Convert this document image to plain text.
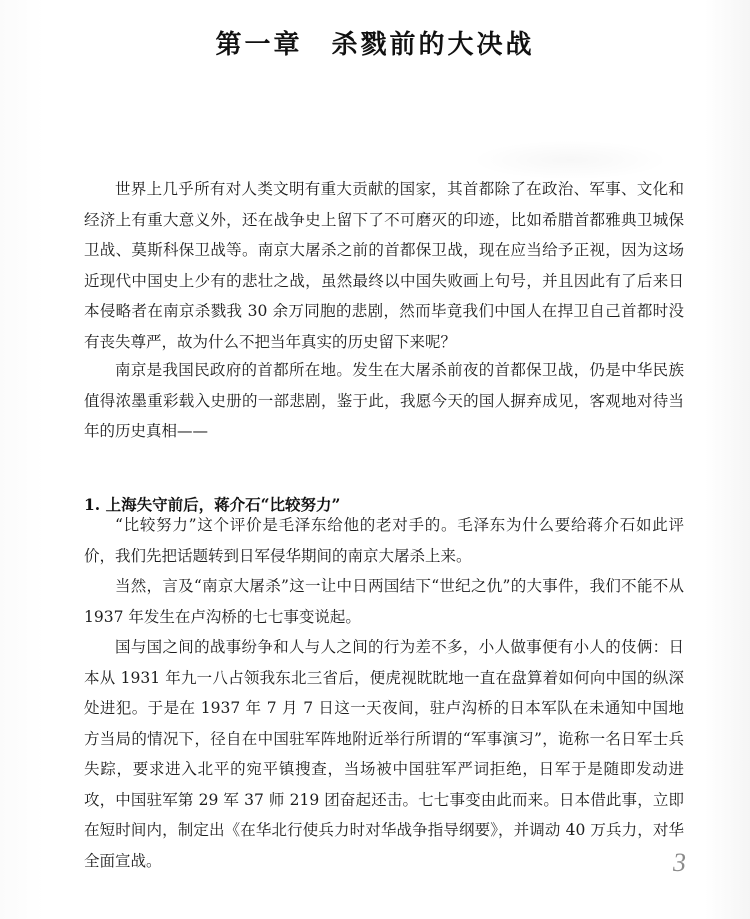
第一章　杀戮前的大决战

世界上几乎所有对人类文明有重大贡献的国家，其首都除了在政治、军事、文化和经济上有重大意义外，还在战争史上留下了不可磨灭的印迹，比如希腊首都雅典卫城保卫战、莫斯科保卫战等。南京大屠杀之前的首都保卫战，现在应当给予正视，因为这场近现代中国史上少有的悲壮之战，虽然最终以中国失败画上句号，并且因此有了后来日本侵略者在南京杀戮我 30 余万同胞的悲剧，然而毕竟我们中国人在捍卫自己首都时没有丧失尊严，故为什么不把当年真实的历史留下来呢？

南京是我国民政府的首都所在地。发生在大屠杀前夜的首都保卫战，仍是中华民族值得浓墨重彩载入史册的一部悲剧，鉴于此，我愿今天的国人摒弃成见，客观地对待当年的历史真相——

1. 上海失守前后，蒋介石“比较努力”

“比较努力”这个评价是毛泽东给他的老对手的。毛泽东为什么要给蒋介石如此评价，我们先把话题转到日军侵华期间的南京大屠杀上来。

当然，言及“南京大屠杀”这一让中日两国结下“世纪之仇”的大事件，我们不能不从 1937 年发生在卢沟桥的七七事变说起。

国与国之间的战事纷争和人与人之间的行为差不多，小人做事便有小人的伎俩：日本从 1931 年九一八占领我东北三省后，便虎视眈眈地一直在盘算着如何向中国的纵深处进犯。于是在 1937 年 7 月 7 日这一天夜间，驻卢沟桥的日本军队在未通知中国地方当局的情况下，径自在中国驻军阵地附近举行所谓的“军事演习”，诡称一名日军士兵失踪，要求进入北平的宛平镇搜查，当场被中国驻军严词拒绝，日军于是随即发动进攻，中国驻军第 29 军 37 师 219 团奋起还击。七七事变由此而来。日本借此事，立即在短时间内，制定出《在华北行使兵力时对华战争指导纲要》，并调动 40 万兵力，对华全面宣战。	3
